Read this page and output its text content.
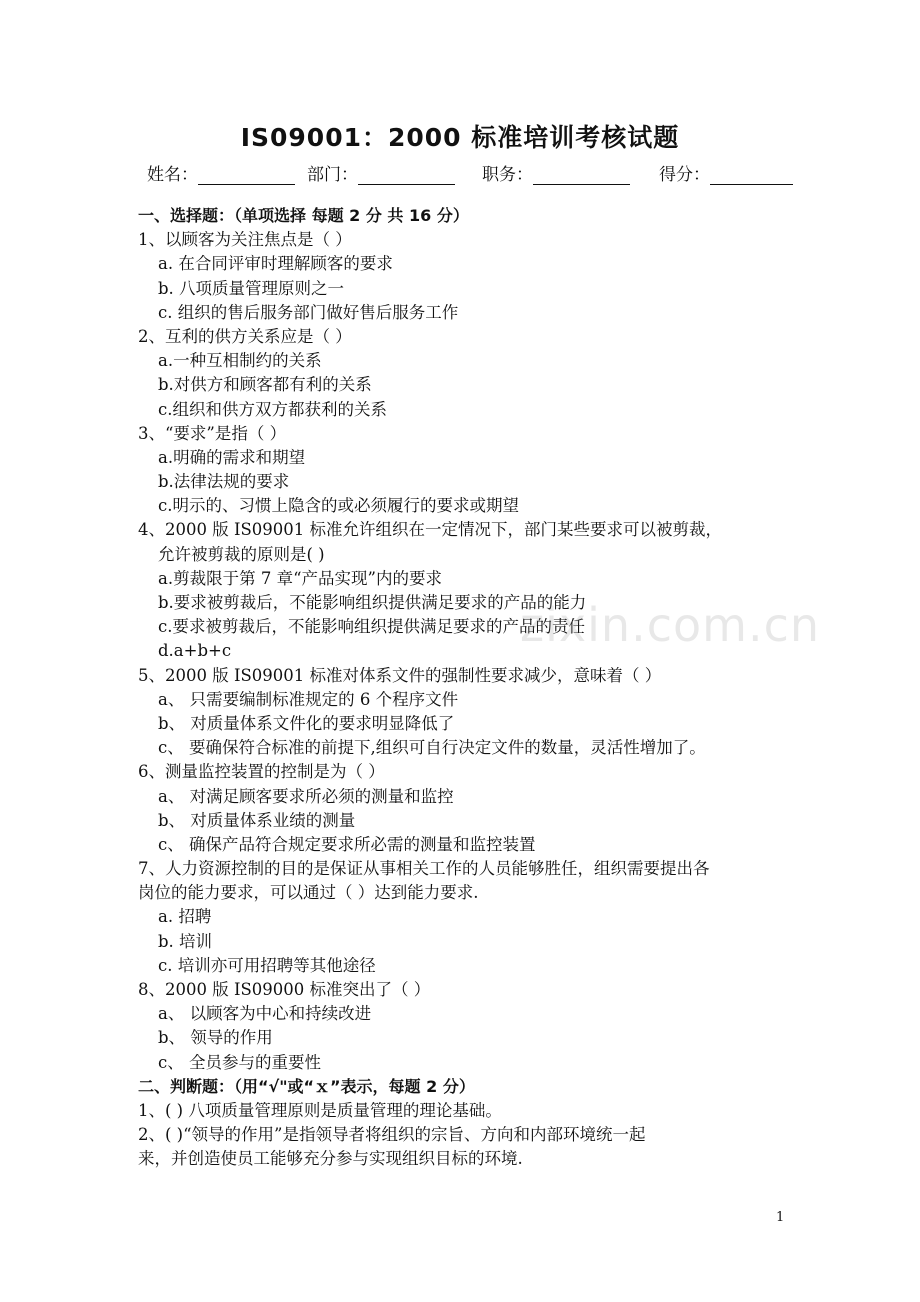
IS09001：2000 标准培训考核试题
姓名：	部门：	职务：	得分：
一、选择题：（单项选择 每题 2 分 共 16 分）
1、以顾客为关注焦点是（ ）
a. 在合同评审时理解顾客的要求
b. 八项质量管理原则之一
c. 组织的售后服务部门做好售后服务工作
2、互利的供方关系应是（ ）
a.一种互相制约的关系
b.对供方和顾客都有利的关系
c.组织和供方双方都获利的关系
3、“要求”是指（ ）
a.明确的需求和期望
b.法律法规的要求
c.明示的、习惯上隐含的或必须履行的要求或期望
4、2000 版 IS09001 标准允许组织在一定情况下，部门某些要求可以被剪裁，
允许被剪裁的原则是( )
a.剪裁限于第 7 章“产品实现”内的要求
b.要求被剪裁后，不能影响组织提供满足要求的产品的能力
c.要求被剪裁后，不能影响组织提供满足要求的产品的责任
d.a+b+c
5、2000 版 IS09001 标准对体系文件的强制性要求减少，意味着（ ）
a、 只需要编制标准规定的 6 个程序文件
b、 对质量体系文件化的要求明显降低了
c、 要确保符合标准的前提下,组织可自行决定文件的数量，灵活性增加了。
6、测量监控装置的控制是为（ ）
a、 对满足顾客要求所必须的测量和监控
b、 对质量体系业绩的测量
c、 确保产品符合规定要求所必需的测量和监控装置
7、人力资源控制的目的是保证从事相关工作的人员能够胜任，组织需要提出各
岗位的能力要求，可以通过（ ）达到能力要求.
a. 招聘
b. 培训
c. 培训亦可用招聘等其他途径
8、2000 版 IS09000 标准突出了（ ）
a、 以顾客为中心和持续改进
b、 领导的作用
c、 全员参与的重要性
二、判断题：（用“√"或“ｘ”表示，每题 2 分）
1、( ) 八项质量管理原则是质量管理的理论基础。
2、( )“领导的作用”是指领导者将组织的宗旨、方向和内部环境统一起
来，并创造使员工能够充分参与实现组织目标的环境.
zixin.com.cn
1
